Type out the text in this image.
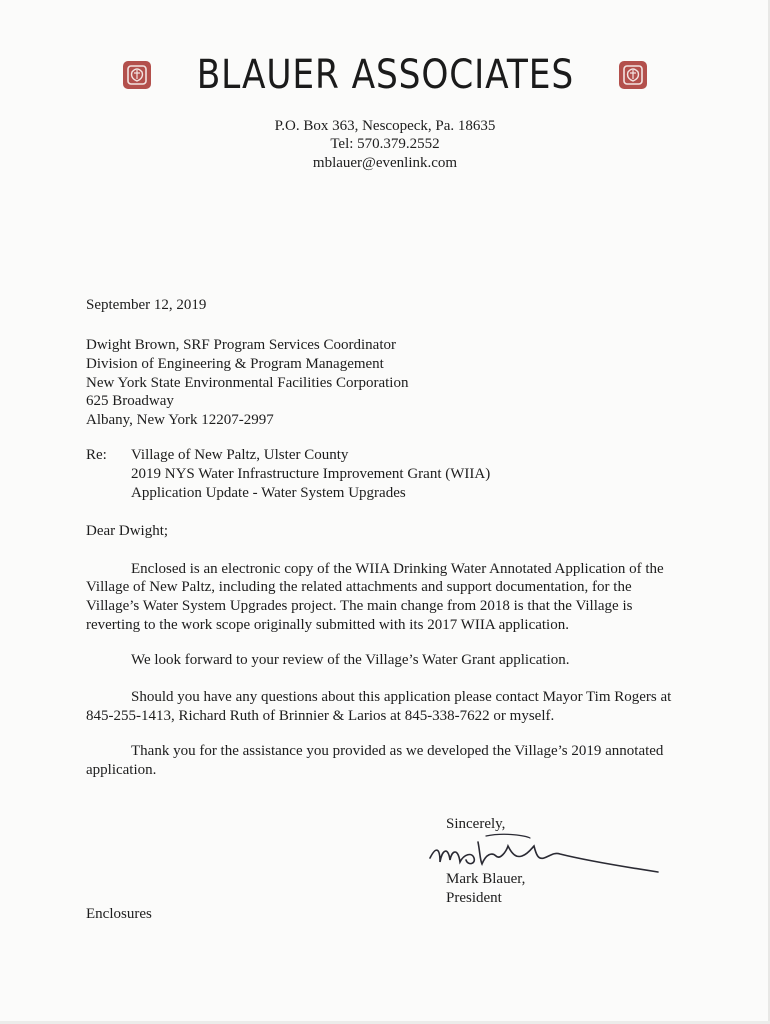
BLAUER ASSOCIATES
P.O. Box 363, Nescopeck, Pa. 18635
Tel: 570.379.2552
mblauer@evenlink.com
September 12, 2019
Dwight Brown, SRF Program Services Coordinator
Division of Engineering & Program Management
New York State Environmental Facilities Corporation
625 Broadway
Albany, New York 12207-2997
Re: Village of New Paltz, Ulster County
2019 NYS Water Infrastructure Improvement Grant (WIIA)
Application Update - Water System Upgrades
Dear Dwight;
Enclosed is an electronic copy of the WIIA Drinking Water Annotated Application of the
Village of New Paltz, including the related attachments and support documentation, for the
Village’s Water System Upgrades project. The main change from 2018 is that the Village is
reverting to the work scope originally submitted with its 2017 WIIA application.
We look forward to your review of the Village’s Water Grant application.
Should you have any questions about this application please contact Mayor Tim Rogers at
845-255-1413, Richard Ruth of Brinnier & Larios at 845-338-7622 or myself.
Thank you for the assistance you provided as we developed the Village’s 2019 annotated
application.
Sincerely,
Mark Blauer,
President
Enclosures
